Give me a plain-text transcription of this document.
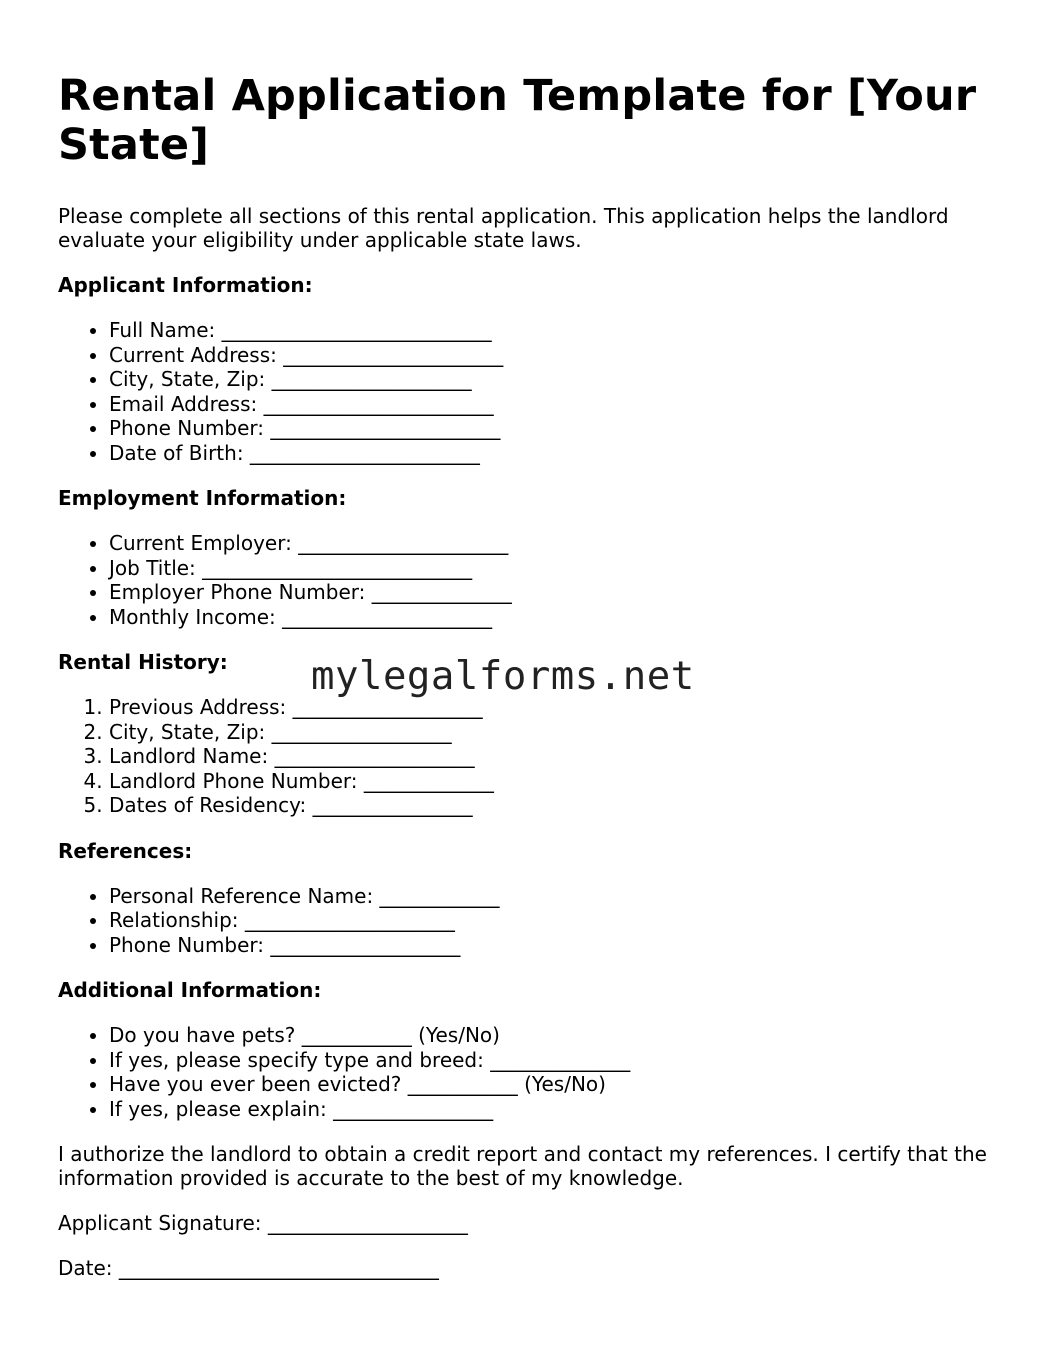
Rental Application Template for [Your State]

Please complete all sections of this rental application. This application helps the landlord evaluate your eligibility under applicable state laws.

Applicant Information:
• Full Name: ___________________________
• Current Address: ______________________
• City, State, Zip: ____________________
• Email Address: _______________________
• Phone Number: _______________________
• Date of Birth: _______________________
Employment Information:
• Current Employer: _____________________
• Job Title: ___________________________
• Employer Phone Number: ______________
• Monthly Income: _____________________
Rental History:
1. Previous Address: ___________________
2. City, State, Zip: __________________
3. Landlord Name: ____________________
4. Landlord Phone Number: _____________
5. Dates of Residency: ________________
References:
• Personal Reference Name: ____________
• Relationship: _____________________
• Phone Number: ___________________
Additional Information:
• Do you have pets? ___________ (Yes/No)
• If yes, please specify type and breed: ______________
• Have you ever been evicted? ___________ (Yes/No)
• If yes, please explain: ________________

I authorize the landlord to obtain a credit report and contact my references. I certify that the information provided is accurate to the best of my knowledge.

Applicant Signature: ____________________

Date: ________________________________

mylegalforms.net
